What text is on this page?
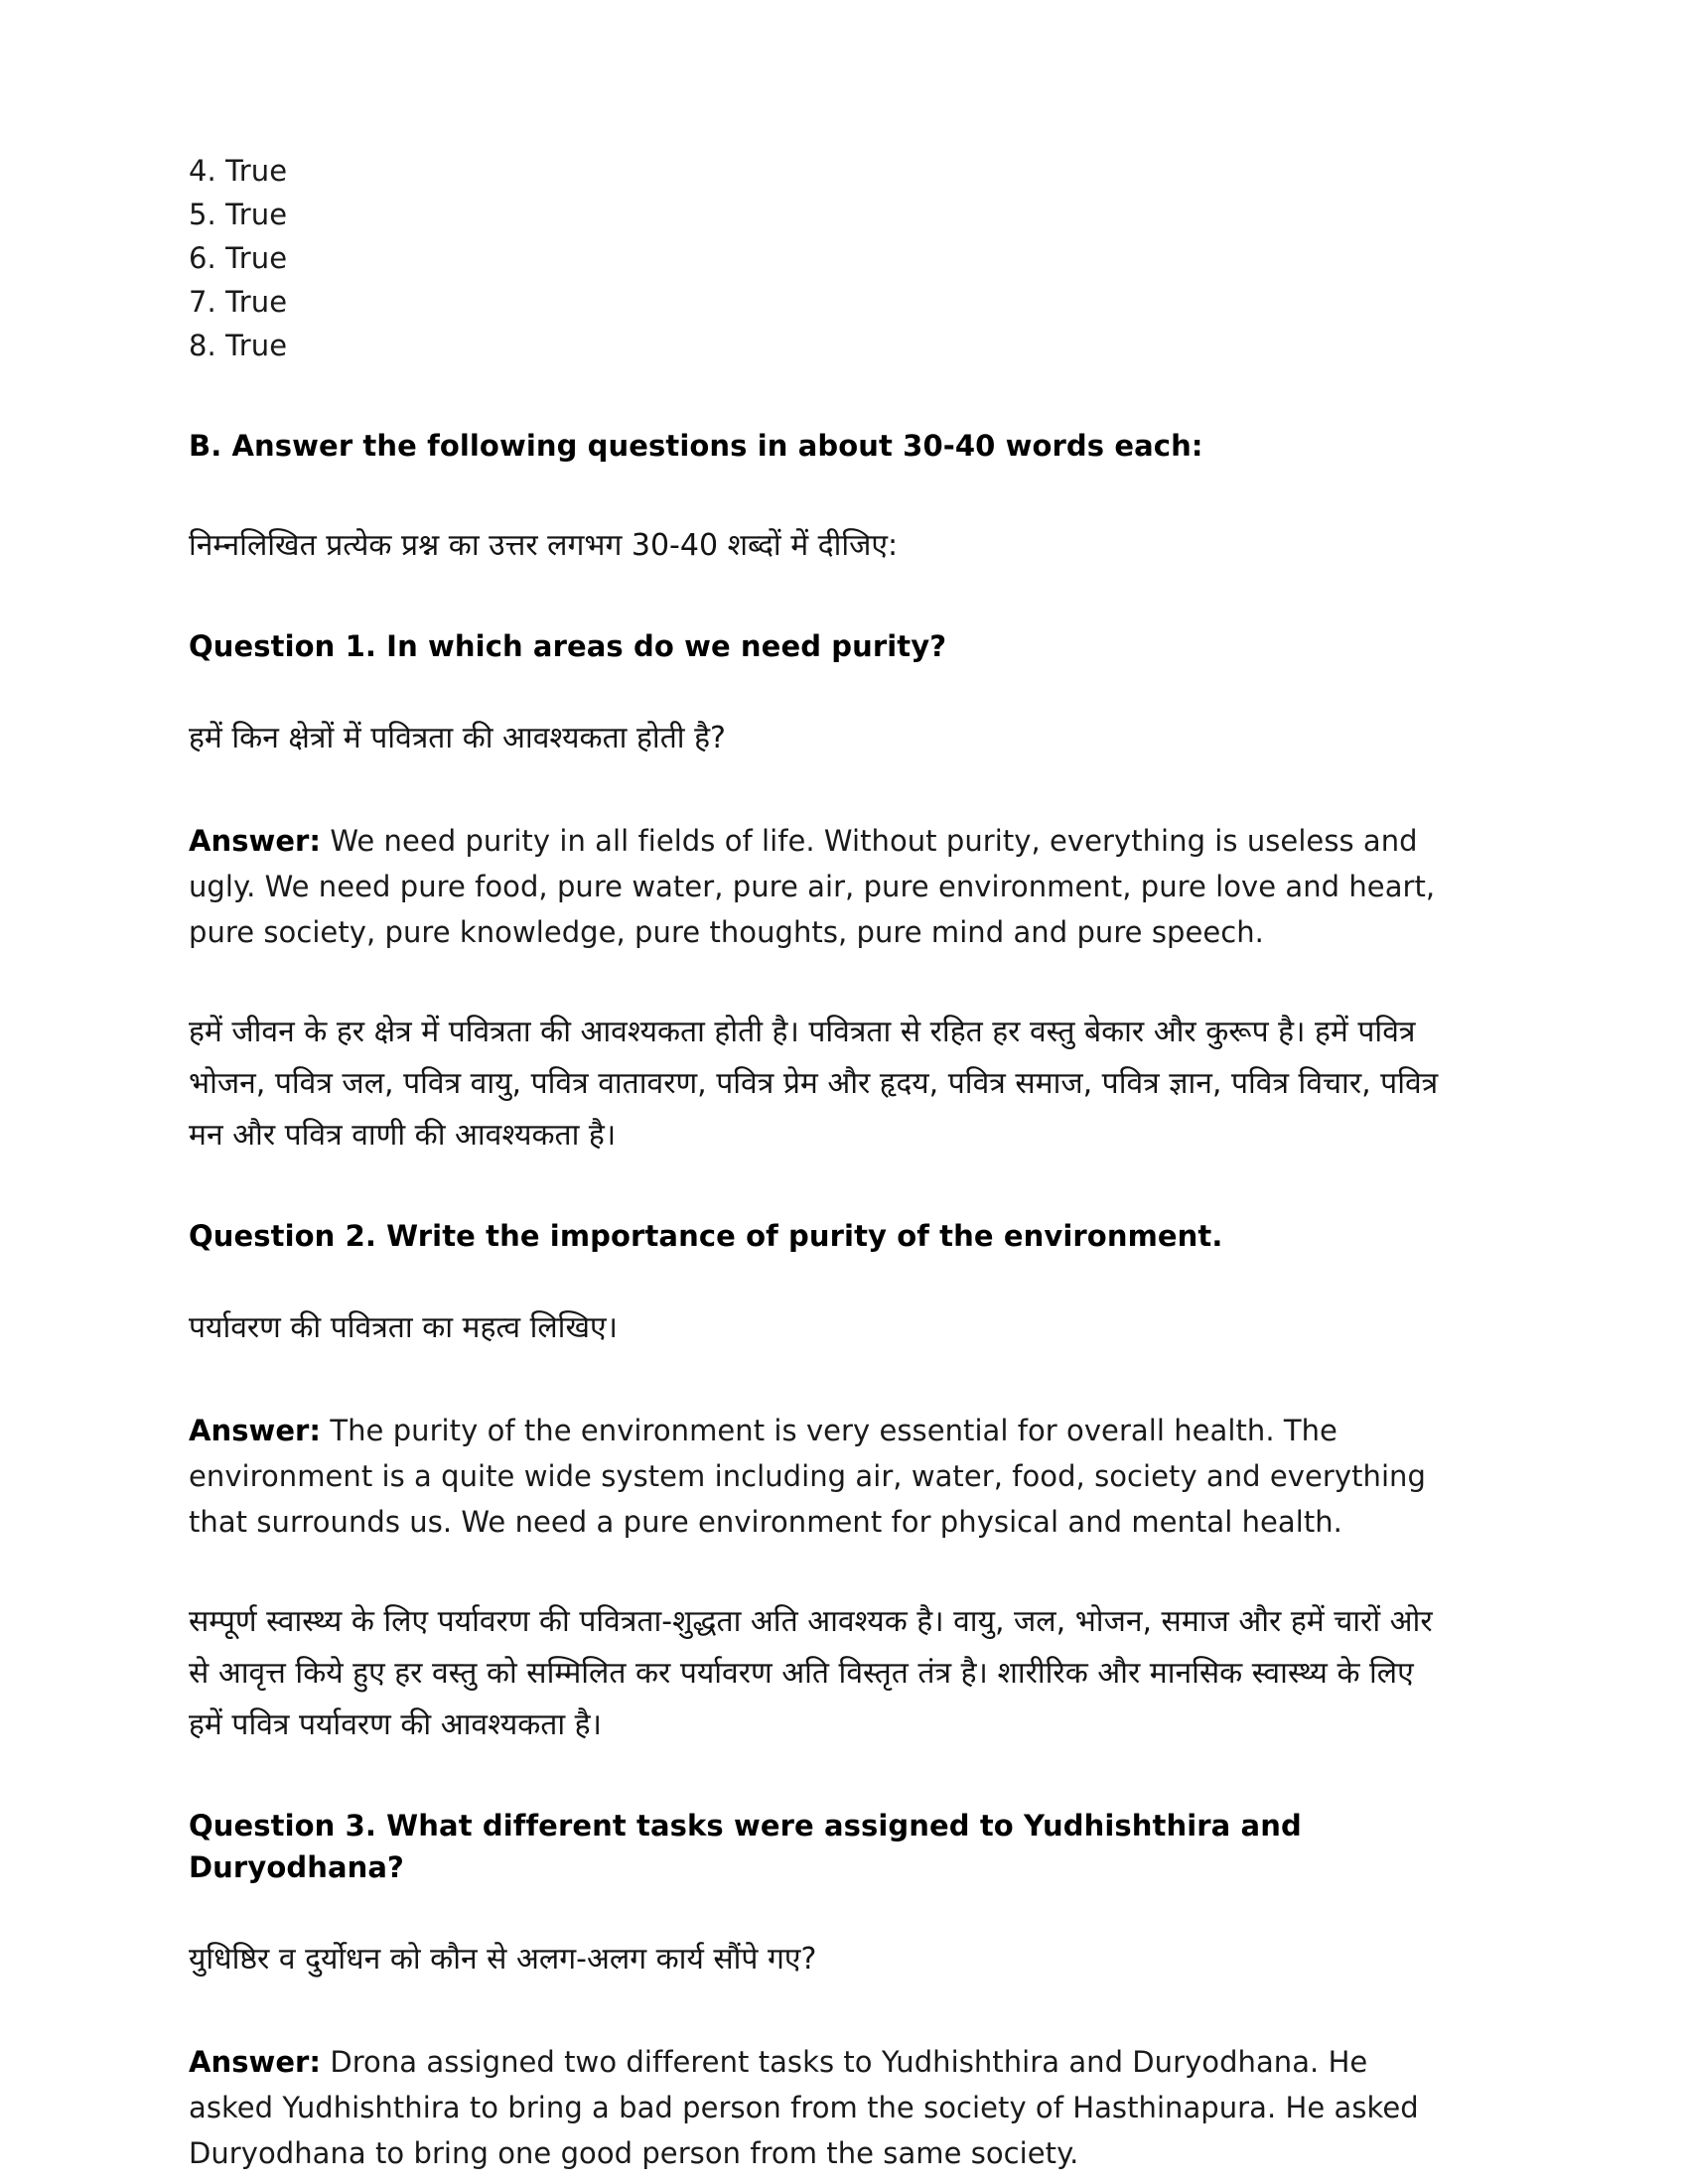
4. True
5. True
6. True
7. True
8. True
B. Answer the following questions in about 30-40 words each:
निम्नलिखित प्रत्येक प्रश्न का उत्तर लगभग 30-40 शब्दों में दीजिए:
Question 1. In which areas do we need purity?
हमें किन क्षेत्रों में पवित्रता की आवश्यकता होती है?

Answer: We need purity in all fields of life. Without purity, everything is useless and ugly. We need pure food, pure water, pure air, pure environment, pure love and heart, pure society, pure knowledge, pure thoughts, pure mind and pure speech.

हमें जीवन के हर क्षेत्र में पवित्रता की आवश्यकता होती है। पवित्रता से रहित हर वस्तु बेकार और कुरूप है। हमें पवित्र भोजन, पवित्र जल, पवित्र वायु, पवित्र वातावरण, पवित्र प्रेम और हृदय, पवित्र समाज, पवित्र ज्ञान, पवित्र विचार, पवित्र मन और पवित्र वाणी की आवश्यकता है।

Question 2. Write the importance of purity of the environment.
पर्यावरण की पवित्रता का महत्व लिखिए।

Answer: The purity of the environment is very essential for overall health. The environment is a quite wide system including air, water, food, society and everything that surrounds us. We need a pure environment for physical and mental health.

सम्पूर्ण स्वास्थ्य के लिए पर्यावरण की पवित्रता-शुद्धता अति आवश्यक है। वायु, जल, भोजन, समाज और हमें चारों ओर से आवृत्त किये हुए हर वस्तु को सम्मिलित कर पर्यावरण अति विस्तृत तंत्र है। शारीरिक और मानसिक स्वास्थ्य के लिए हमें पवित्र पर्यावरण की आवश्यकता है।

Question 3. What different tasks were assigned to Yudhishthira and Duryodhana?
युधिष्ठिर व दुर्योधन को कौन से अलग-अलग कार्य सौंपे गए?

Answer: Drona assigned two different tasks to Yudhishthira and Duryodhana. He asked Yudhishthira to bring a bad person from the society of Hasthinapura. He asked Duryodhana to bring one good person from the same society.
